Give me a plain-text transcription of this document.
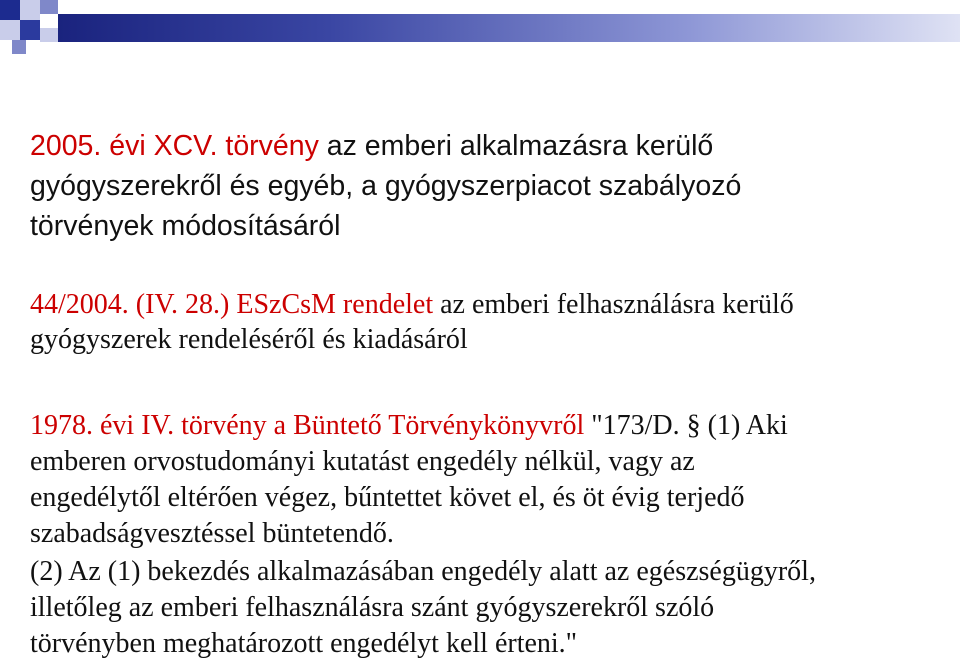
2005. évi XCV. törvény az emberi alkalmazásra kerülő
gyógyszerekről és egyéb, a gyógyszerpiacot szabályozó
törvények módosításáról

44/2004. (IV. 28.) ESzCsM rendelet az emberi felhasználásra kerülő
gyógyszerek rendeléséről és kiadásáról

1978. évi IV. törvény a Büntető Törvénykönyvről "173/D. § (1) Aki
emberen orvostudományi kutatást engedély nélkül, vagy az
engedélytől eltérően végez, bűntettet követ el, és öt évig terjedő
szabadságvesztéssel büntetendő.

(2) Az (1) bekezdés alkalmazásában engedély alatt az egészségügyről,
illetőleg az emberi felhasználásra szánt gyógyszerekről szóló
törvényben meghatározott engedélyt kell érteni."
